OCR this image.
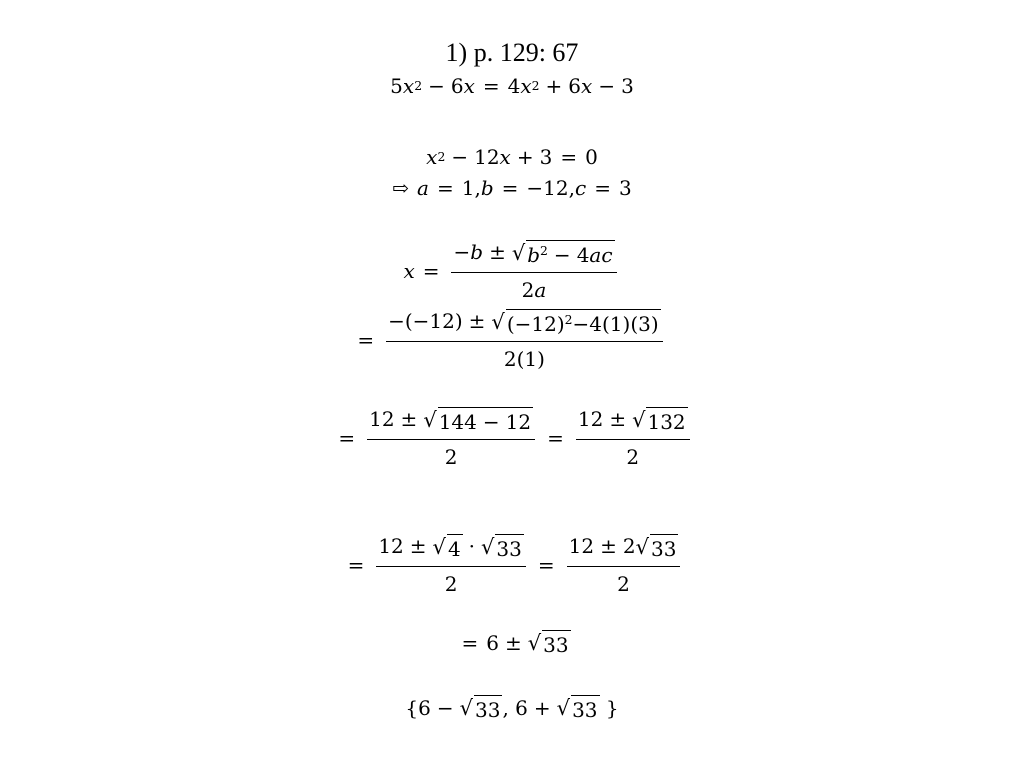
1) p. 129: 67
5 x 2 − 6 x = 4 x 2 + 6 x − 3
x 2 − 12 x + 3 = 0
⇨ a = 1, b = −12, c = 3
$x = \frac{-b \pm √ b^2 - 4ac}{2a}$
= $\frac{-(-12) \pm √ (-12)^2-4(1)(3)}{2(1)}$
= $\frac{12 \pm √ 144 - 12}{2} = \frac{12 \pm √ 132}{2}$
= $\frac{12 \pm √ 4 \cdot √ 33}{2} = \frac{12 \pm 2 √ 33}{2}$
= 6 ± √ 33
{6 − √ 33 , 6 + √ 33 }
